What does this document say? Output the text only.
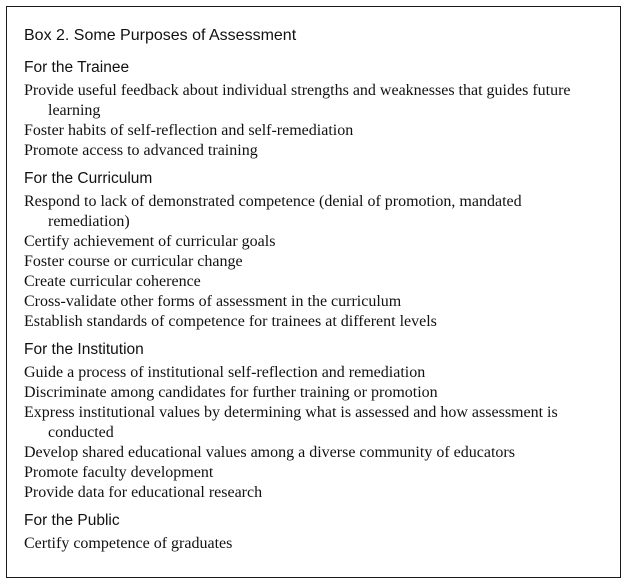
Box 2. Some Purposes of Assessment
For the Trainee
Provide useful feedback about individual strengths and weaknesses that guides future learning
Foster habits of self-reflection and self-remediation
Promote access to advanced training
For the Curriculum
Respond to lack of demonstrated competence (denial of promotion, mandated remediation)
Certify achievement of curricular goals
Foster course or curricular change
Create curricular coherence
Cross-validate other forms of assessment in the curriculum
Establish standards of competence for trainees at different levels
For the Institution
Guide a process of institutional self-reflection and remediation
Discriminate among candidates for further training or promotion
Express institutional values by determining what is assessed and how assessment is conducted
Develop shared educational values among a diverse community of educators
Promote faculty development
Provide data for educational research
For the Public
Certify competence of graduates
